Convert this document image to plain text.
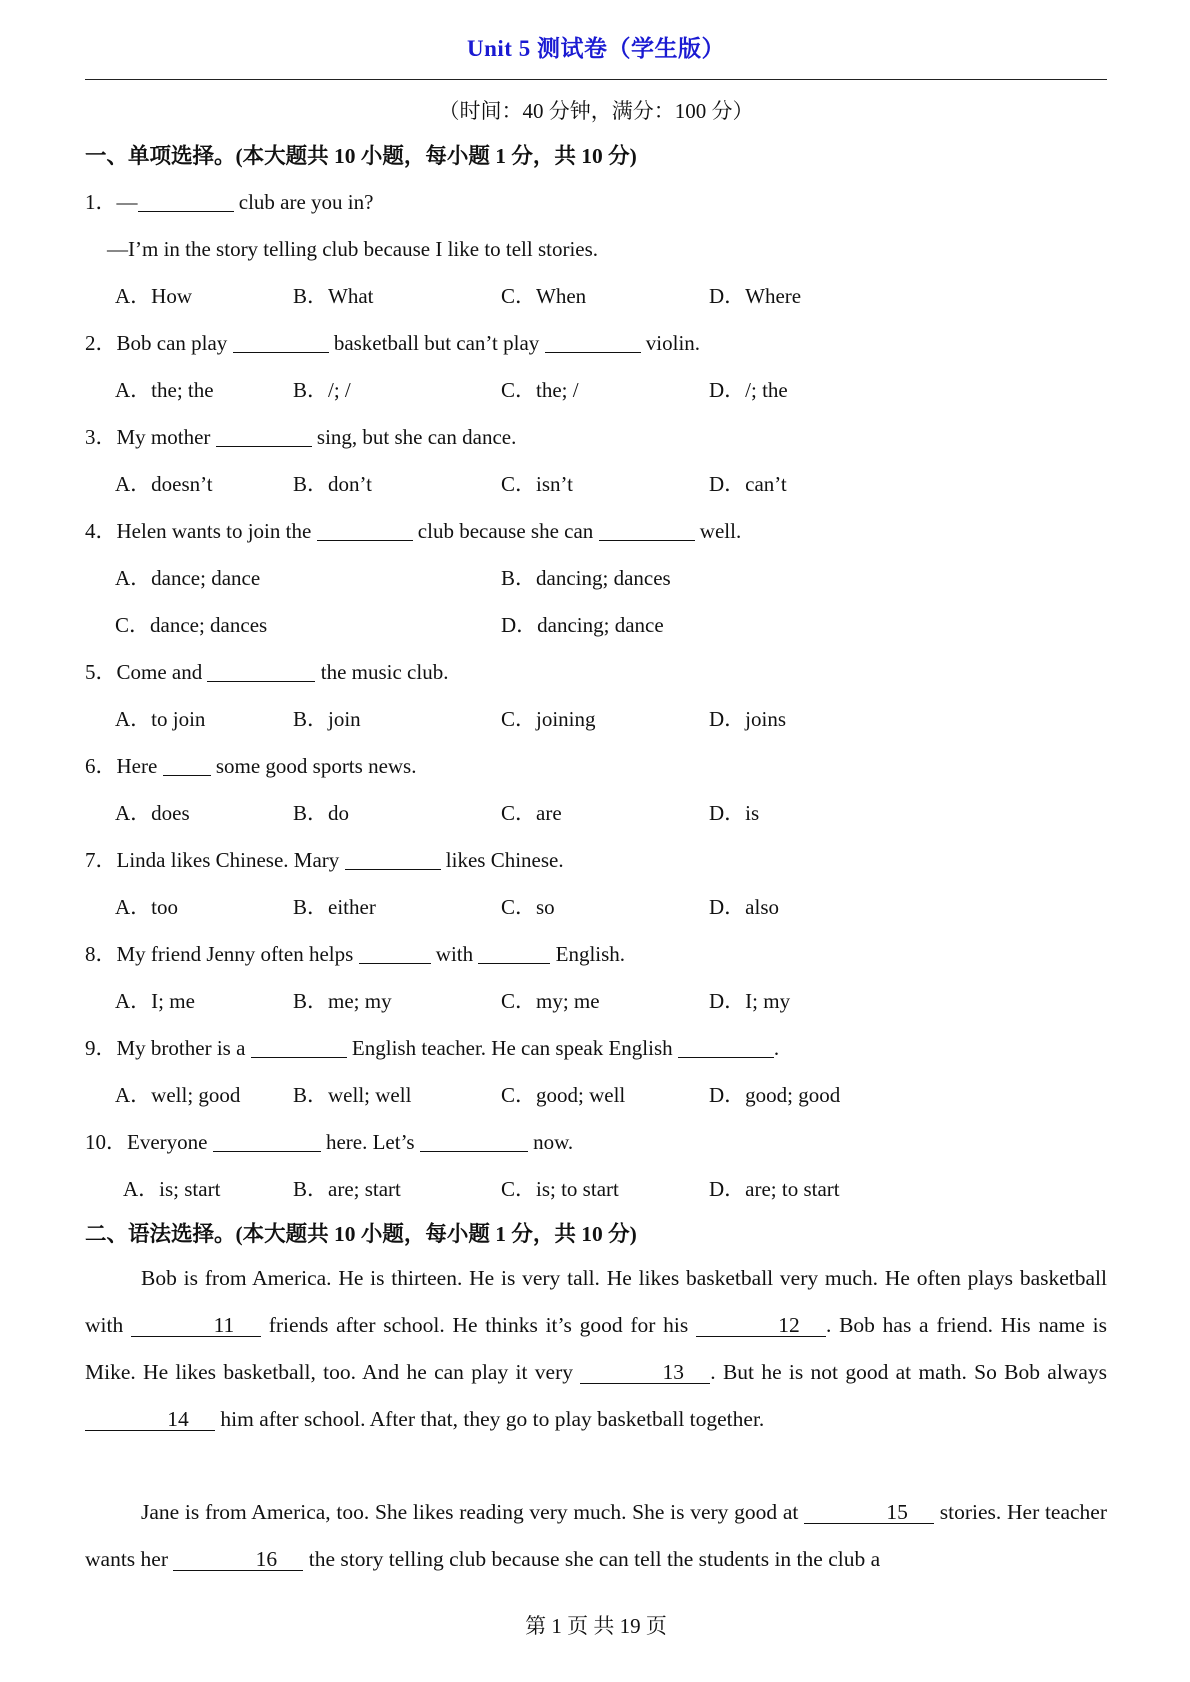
Unit 5 测试卷（学生版）
（时间：40 分钟，满分：100 分）
一、单项选择。(本大题共 10 小题，每小题 1 分，共 10 分)
1．—	club are you in?
—I’m in the story telling club because I like to tell stories.
A．How	B．What	C．When	D．Where
2．Bob can play	basketball but can’t play	violin.
A．the; the	B．/; /	C．the; /	D．/; the
3．My mother	sing, but she can dance.
A．doesn’t	B．don’t	C．isn’t	D．can’t
4．Helen wants to join the	club because she can	well.
A．dance; dance	B．dancing; dances
C．dance; dances	D．dancing; dance
5．Come and	the music club.
A．to join	B．join	C．joining	D．joins
6．Here  some good sports news.
A．does	B．do	C．are	D．is
7．Linda likes Chinese. Mary	likes Chinese.
A．too	B．either	C．so	D．also
8．My friend Jenny often helps	with	English.
A．I; me	B．me; my	C．my; me	D．I; my
9．My brother is a	English teacher. He can speak English	.
A．well; good	B．well; well	C．good; well	D．good; good
10．Everyone	here. Let’s	now.
A．is; start	B．are; start	C．is; to start	D．are; to start
二、语法选择。(本大题共 10 小题，每小题 1 分，共 10 分)
Bob is from America. He is thirteen. He is very tall. He likes basketball very much. He often plays basketball with	11 friends after school. He thinks it’s good for his	12 . Bob has a friend. His name is Mike. He likes basketball, too. And he can play it very	13 . But he is not good at math. So Bob always 14 him after school. After that, they go to play basketball together.
Jane is from America, too. She likes reading very much. She is very good at	15 stories. Her teacher wants her	16 the story telling club because she can tell the students in the club a
第 1 页 共 19 页
